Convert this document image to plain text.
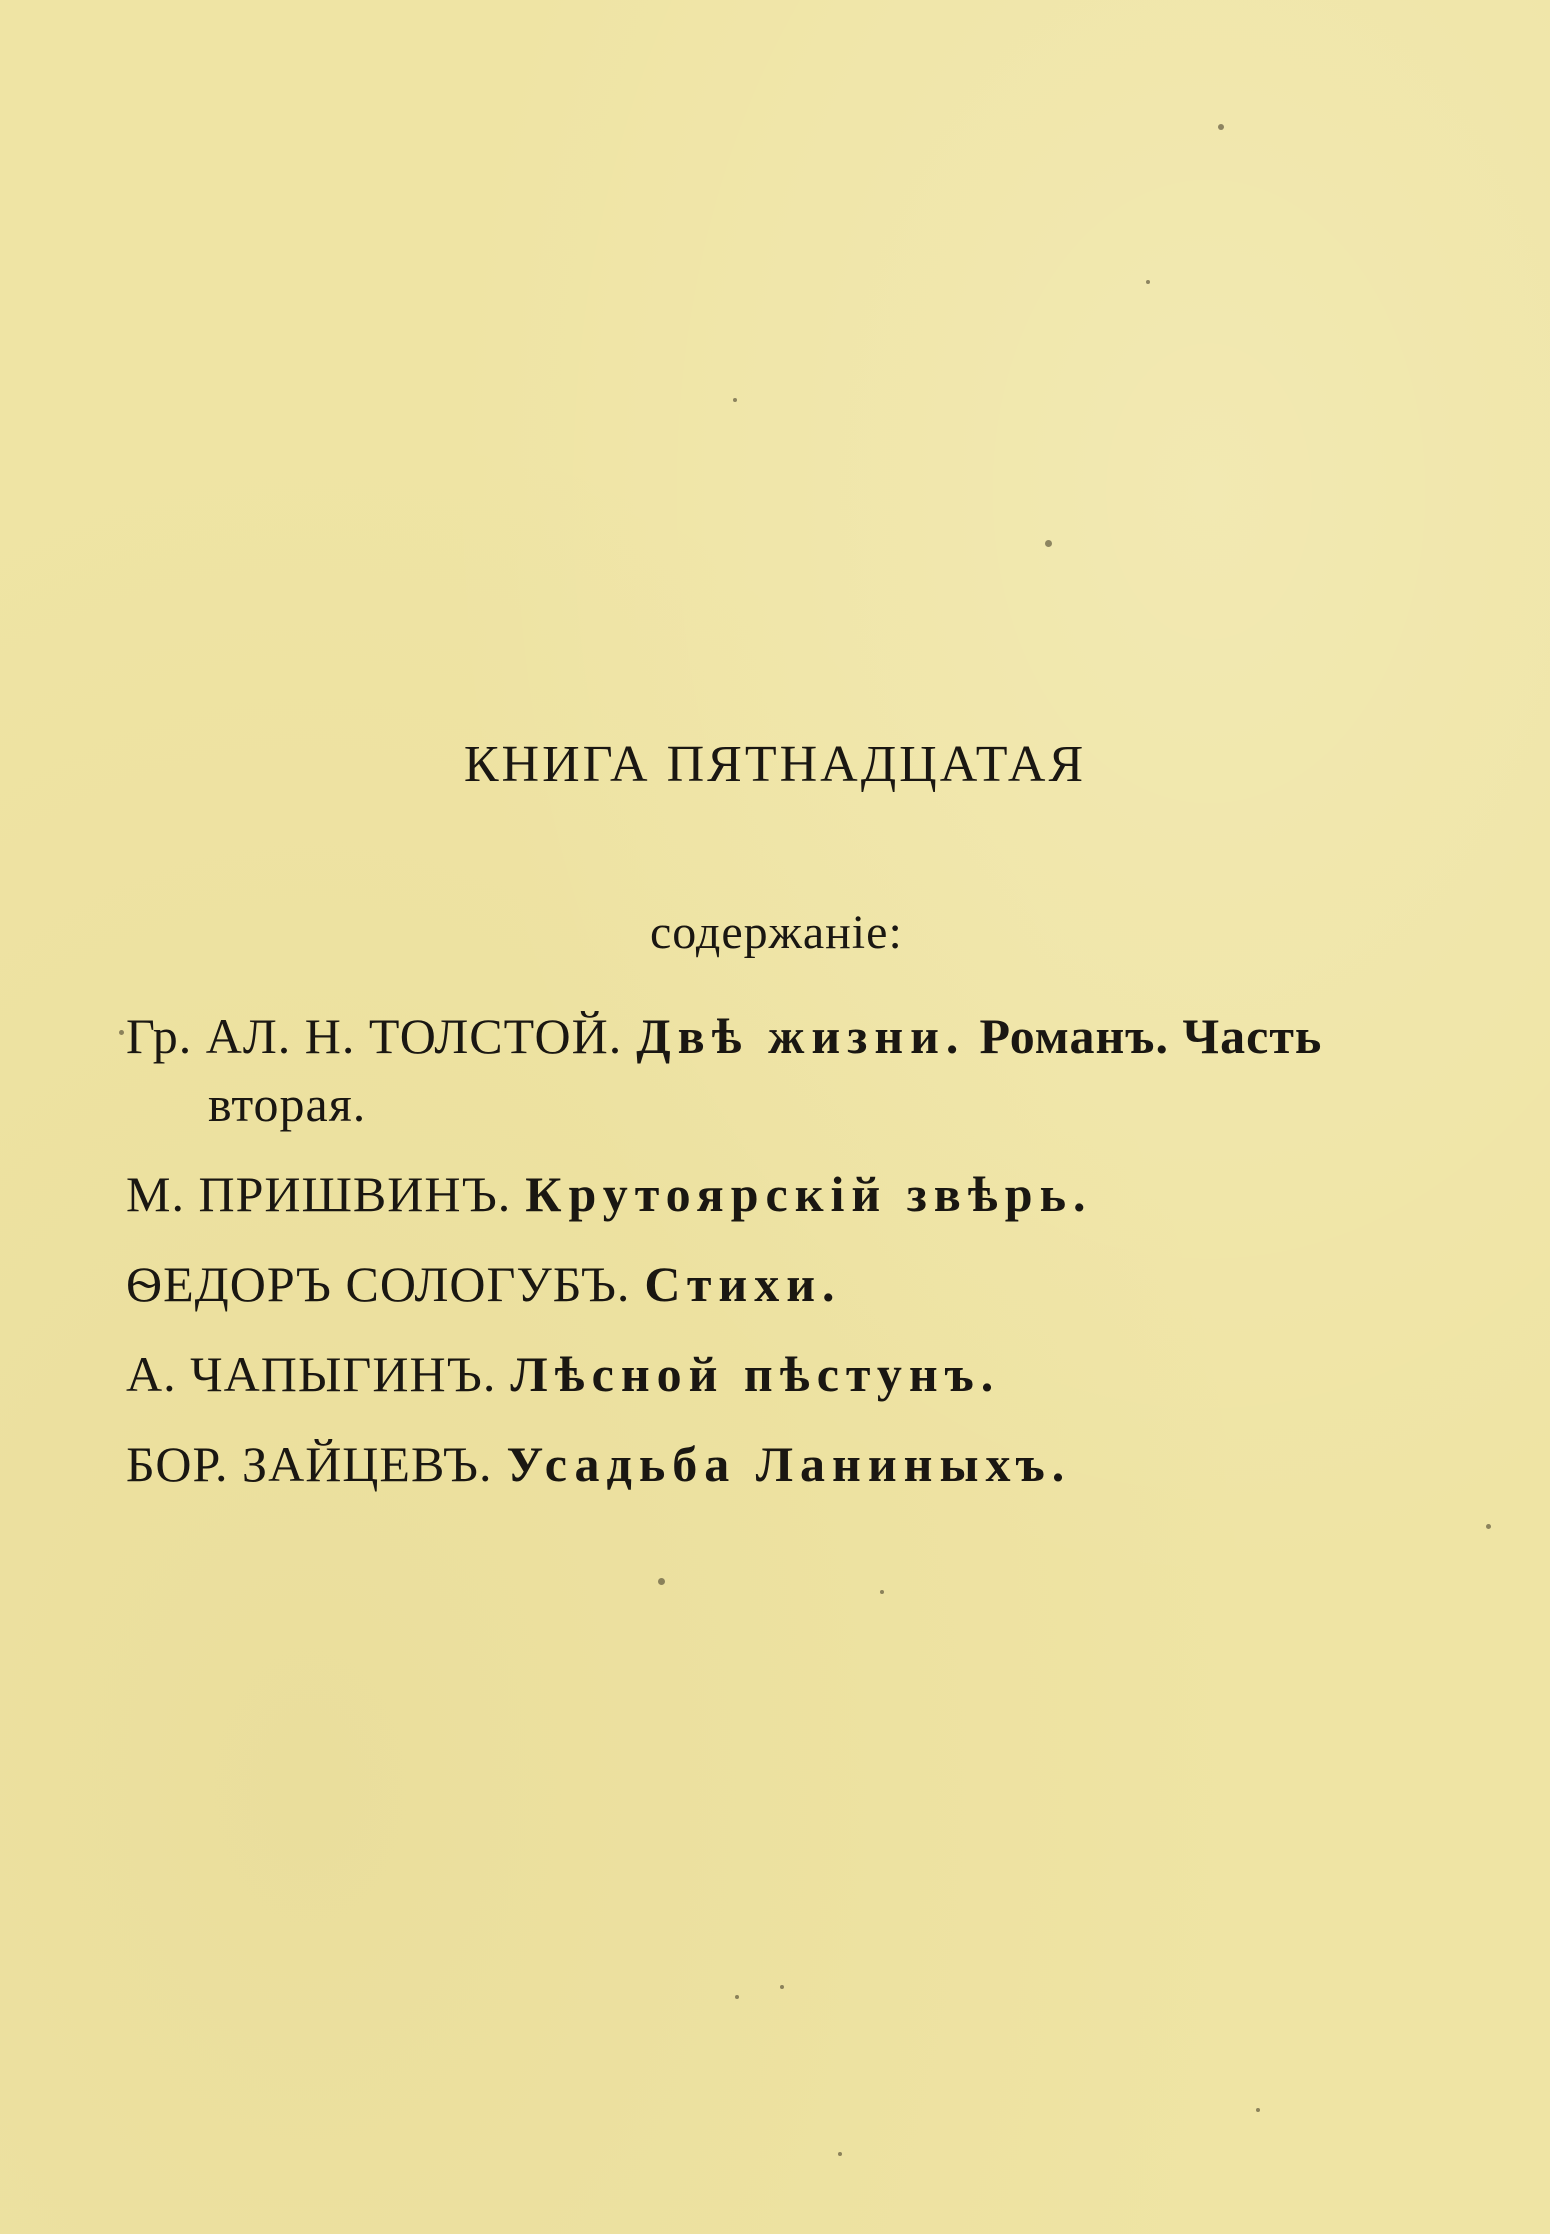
КНИГА ПЯТНАДЦАТАЯ
содержанiе:
Гр. АЛ. Н. ТОЛСТОЙ. Двѣ жизни. Романъ. Часть
вторая.
М. ПРИШВИНЪ. Крутоярскiй звѣрь.
ѲЕДОРЪ СОЛОГУБЪ. Стихи.
А. ЧАПЫГИНЪ. Лѣсной пѣстунъ.
БОР. ЗАЙЦЕВЪ. Усадьба Ланиныхъ.
